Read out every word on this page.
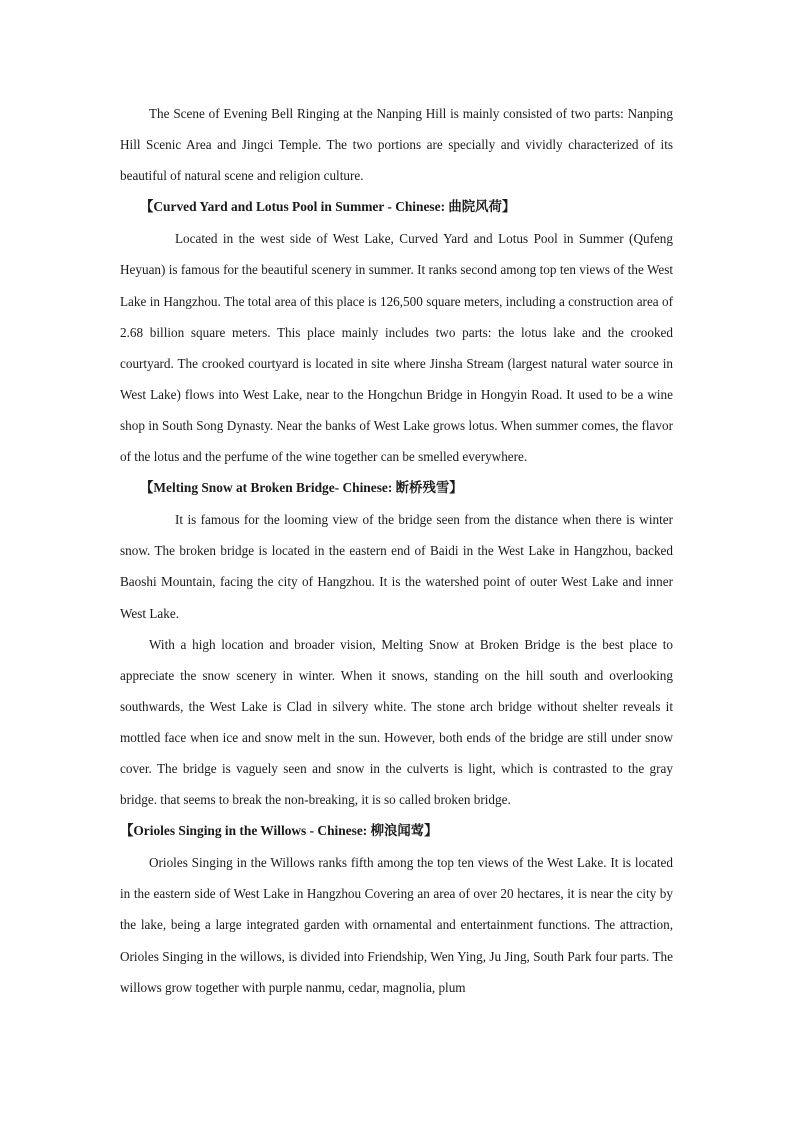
The Scene of Evening Bell Ringing at the Nanping Hill is mainly consisted of two parts: Nanping Hill Scenic Area and Jingci Temple. The two portions are specially and vividly characterized of its beautiful of natural scene and religion culture.

【Curved Yard and Lotus Pool in Summer - Chinese: 曲院风荷】

Located in the west side of West Lake, Curved Yard and Lotus Pool in Summer (Qufeng Heyuan) is famous for the beautiful scenery in summer. It ranks second among top ten views of the West Lake in Hangzhou. The total area of this place is 126,500 square meters, including a construction area of 2.68 billion square meters. This place mainly includes two parts: the lotus lake and the crooked courtyard. The crooked courtyard is located in site where Jinsha Stream (largest natural water source in West Lake) flows into West Lake, near to the Hongchun Bridge in Hongyin Road. It used to be a wine shop in South Song Dynasty. Near the banks of West Lake grows lotus. When summer comes, the flavor of the lotus and the perfume of the wine together can be smelled everywhere.

【Melting Snow at Broken Bridge- Chinese: 断桥残雪】

It is famous for the looming view of the bridge seen from the distance when there is winter snow. The broken bridge is located in the eastern end of Baidi in the West Lake in Hangzhou, backed Baoshi Mountain, facing the city of Hangzhou. It is the watershed point of outer West Lake and inner West Lake.

With a high location and broader vision, Melting Snow at Broken Bridge is the best place to appreciate the snow scenery in winter. When it snows, standing on the hill south and overlooking southwards, the West Lake is Clad in silvery white. The stone arch bridge without shelter reveals it mottled face when ice and snow melt in the sun. However, both ends of the bridge are still under snow cover. The bridge is vaguely seen and snow in the culverts is light, which is contrasted to the gray bridge. that seems to break the non-breaking, it is so called broken bridge.

【Orioles Singing in the Willows - Chinese: 柳浪闻莺】

Orioles Singing in the Willows ranks fifth among the top ten views of the West Lake. It is located in the eastern side of West Lake in Hangzhou Covering an area of over 20 hectares, it is near the city by the lake, being a large integrated garden with ornamental and entertainment functions. The attraction, Orioles Singing in the willows, is divided into Friendship, Wen Ying, Ju Jing, South Park four parts. The willows grow together with purple nanmu, cedar, magnolia, plum
